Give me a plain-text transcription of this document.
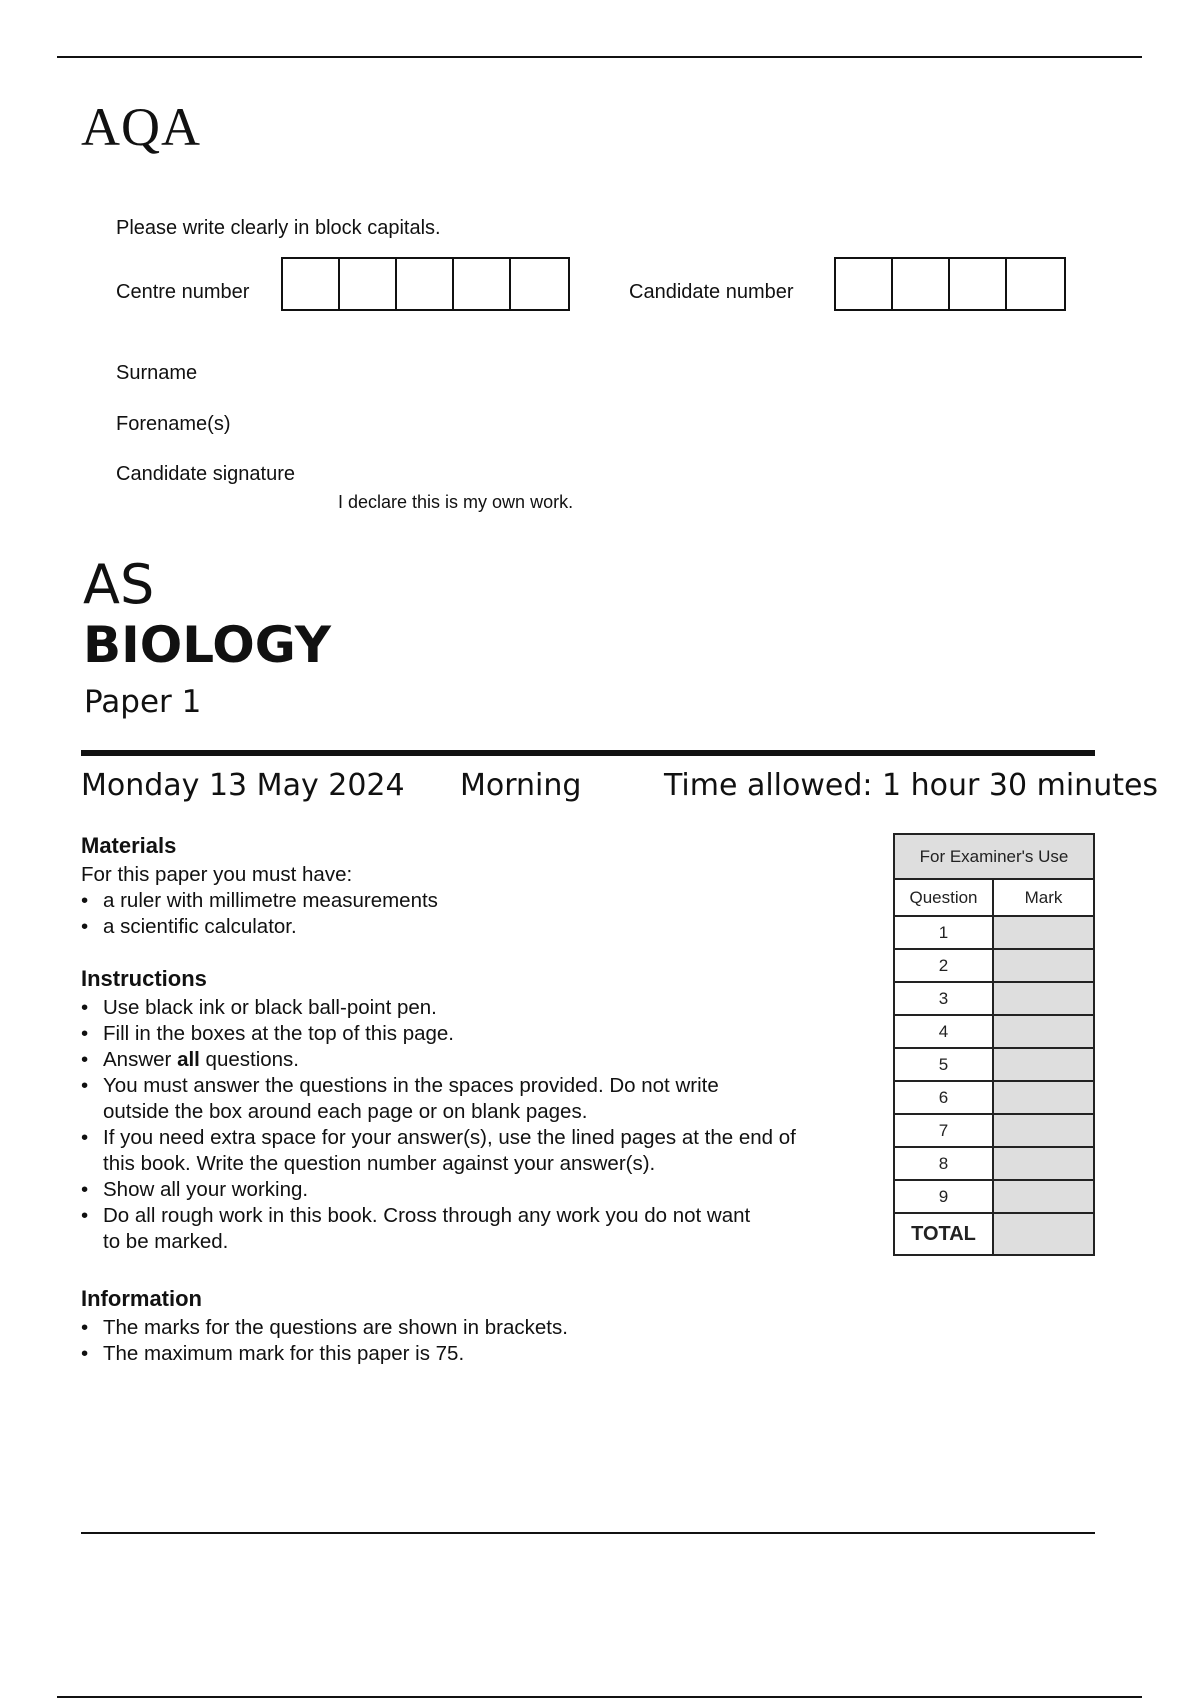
AQA
Please write clearly in block capitals.
Centre number	Candidate number
Surname
Forename(s)
Candidate signature
I declare this is my own work.
AS
BIOLOGY
Paper 1
Monday 13 May 2024 Morning	Time allowed: 1 hour 30 minutes
Materials
For this paper you must have:
• a ruler with millimetre measurements
• a scientific calculator.
Instructions
• Use black ink or black ball-point pen.
• Fill in the boxes at the top of this page.
• Answer all questions.
• You must answer the questions in the spaces provided. Do not write
outside the box around each page or on blank pages.
• If you need extra space for your answer(s), use the lined pages at the end of
this book. Write the question number against your answer(s).
• Show all your working.
• Do all rough work in this book. Cross through any work you do not want
to be marked.
Information
• The marks for the questions are shown in brackets.
• The maximum mark for this paper is 75.
For Examiner's Use	
Question	Mark
1	
2	
3	
4	
5	
6	
7	
8	
9	
TOTAL	
